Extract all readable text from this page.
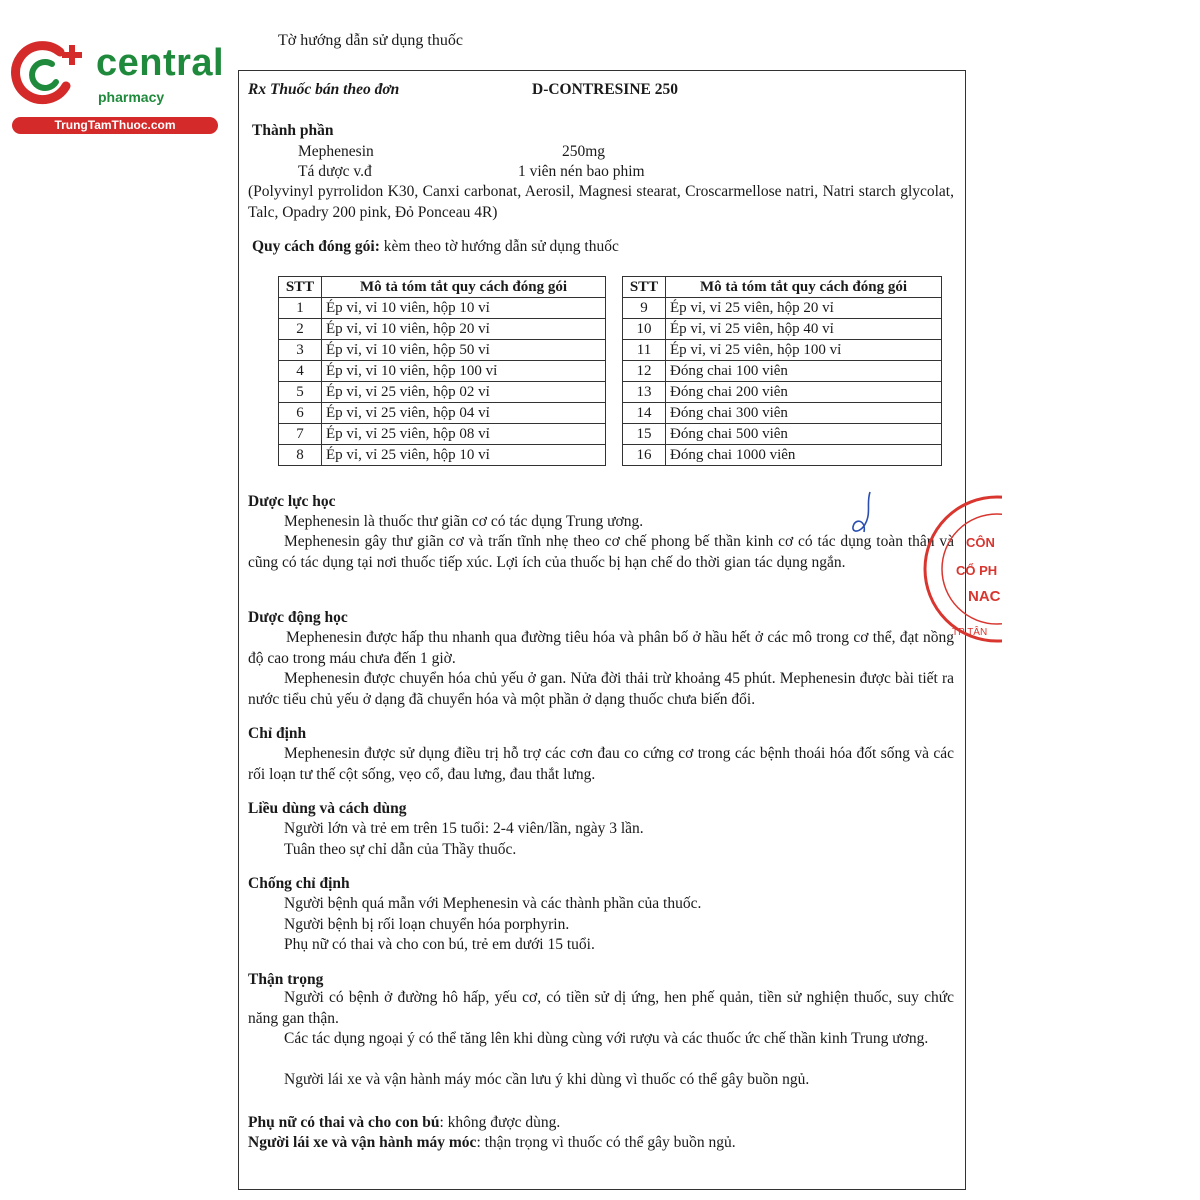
central
pharmacy
TrungTamThuoc.com
Tờ hướng dẫn sử dụng thuốc
Rx Thuốc bán theo đơn	D-CONTRESINE 250
Thành phần
Mephenesin	250mg
Tá dược v.đ	1 viên nén bao phim
(Polyvinyl pyrrolidon K30, Canxi carbonat, Aerosil, Magnesi stearat, Croscarmellose natri, Natri starch glycolat, Talc, Opadry 200 pink, Đỏ Ponceau 4R)
Quy cách đóng gói: kèm theo tờ hướng dẫn sử dụng thuốc
STT	Mô tả tóm tắt quy cách đóng gói
1	Ép vỉ, vỉ 10 viên, hộp 10 vỉ
2	Ép vỉ, vỉ 10 viên, hộp 20 vỉ
3	Ép vỉ, vỉ 10 viên, hộp 50 vỉ
4	Ép vỉ, vỉ 10 viên, hộp 100 vỉ
5	Ép vỉ, vỉ 25 viên, hộp 02 vỉ
6	Ép vỉ, vỉ 25 viên, hộp 04 vỉ
7	Ép vỉ, vỉ 25 viên, hộp 08 vỉ
8	Ép vỉ, vỉ 25 viên, hộp 10 vỉ
STT	Mô tả tóm tắt quy cách đóng gói
9	Ép vỉ, vỉ 25 viên, hộp 20 vỉ
10	Ép vỉ, vỉ 25 viên, hộp 40 vỉ
11	Ép vỉ, vỉ 25 viên, hộp 100 vỉ
12	Đóng chai 100 viên
13	Đóng chai 200 viên
14	Đóng chai 300 viên
15	Đóng chai 500 viên
16	Đóng chai 1000 viên
Dược lực học
Mephenesin là thuốc thư giãn cơ có tác dụng Trung ương.
Mephenesin gây thư giãn cơ và trấn tĩnh nhẹ theo cơ chế phong bế thần kinh cơ có tác dụng toàn thân và cũng có tác dụng tại nơi thuốc tiếp xúc. Lợi ích của thuốc bị hạn chế do thời gian tác dụng ngắn.
Dược động học
Mephenesin được hấp thu nhanh qua đường tiêu hóa và phân bố ở hầu hết ở các mô trong cơ thể, đạt nồng độ cao trong máu chưa đến 1 giờ.
Mephenesin được chuyển hóa chủ yếu ở gan. Nửa đời thải trừ khoảng 45 phút. Mephenesin được bài tiết ra nước tiểu chủ yếu ở dạng đã chuyển hóa và một phần ở dạng thuốc chưa biến đổi.
Chỉ định
Mephenesin được sử dụng điều trị hỗ trợ các cơn đau co cứng cơ trong các bệnh thoái hóa đốt sống và các rối loạn tư thế cột sống, vẹo cổ, đau lưng, đau thắt lưng.
Liều dùng và cách dùng
Người lớn và trẻ em trên 15 tuổi: 2-4 viên/lần, ngày 3 lần.
Tuân theo sự chỉ dẫn của Thầy thuốc.
Chống chỉ định
Người bệnh quá mẫn với Mephenesin và các thành phần của thuốc.
Người bệnh bị rối loạn chuyển hóa porphyrin.
Phụ nữ có thai và cho con bú, trẻ em dưới 15 tuổi.
Thận trọng
Người có bệnh ở đường hô hấp, yếu cơ, có tiền sử dị ứng, hen phế quản, tiền sử nghiện thuốc, suy chức năng gan thận.
Các tác dụng ngoại ý có thể tăng lên khi dùng cùng với rượu và các thuốc ức chế thần kinh Trung ương.
Người lái xe và vận hành máy móc cần lưu ý khi dùng vì thuốc có thể gây buồn ngủ.
Phụ nữ có thai và cho con bú: không được dùng.
Người lái xe và vận hành máy móc: thận trọng vì thuốc có thể gây buồn ngủ.
CÔN
CỔ PH
NAC
TP TÂN
